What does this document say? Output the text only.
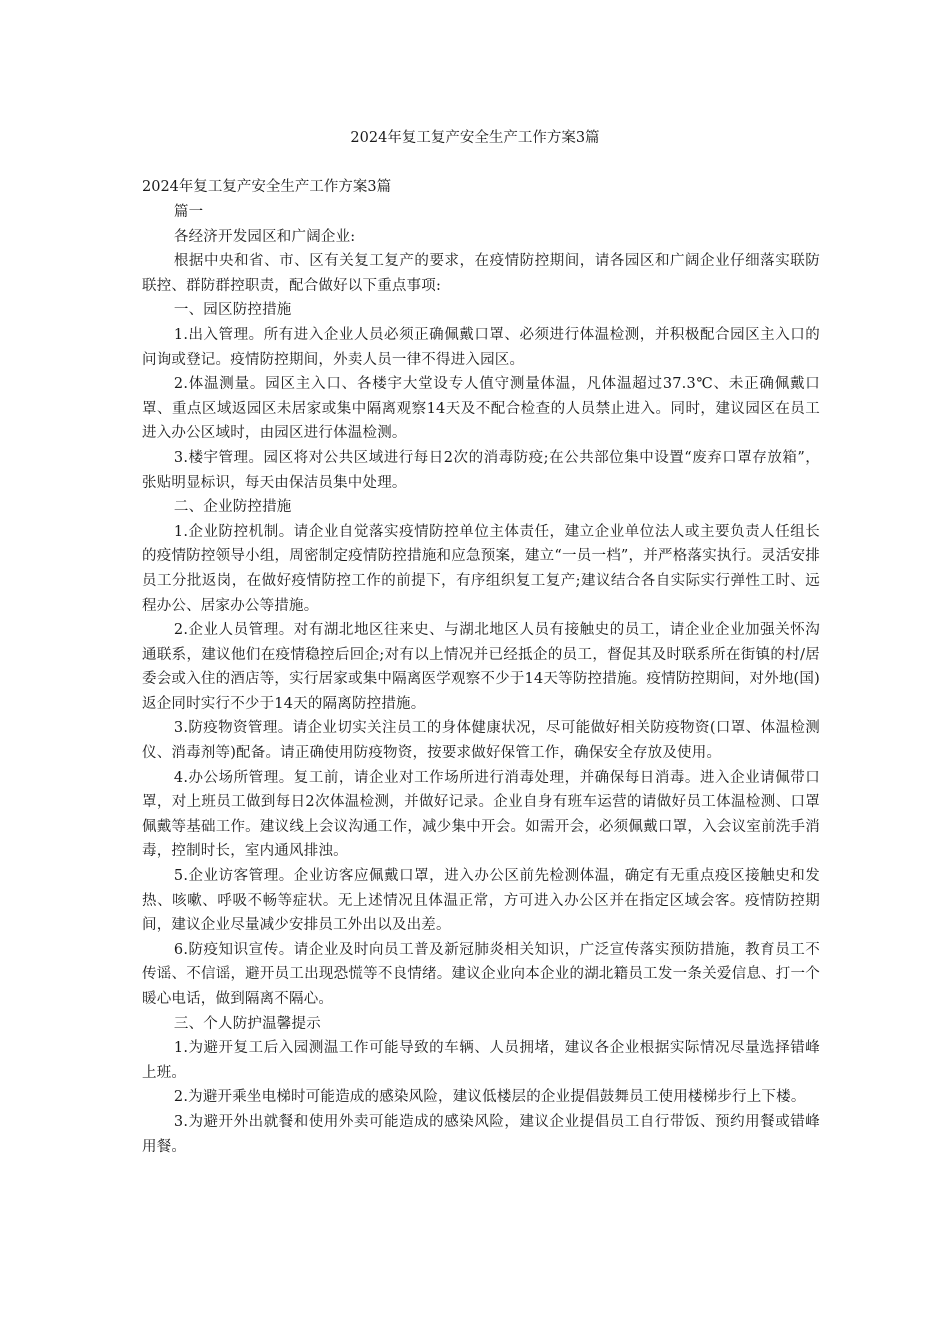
2024年复工复产安全生产工作方案3篇

2024年复工复产安全生产工作方案3篇

篇一

各经济开发园区和广阔企业:

根据中央和省、市、区有关复工复产的要求，在疫情防控期间，请各园区和广阔企业仔细落实联防联控、群防群控职责，配合做好以下重点事项:

一、园区防控措施

1.出入管理。所有进入企业人员必须正确佩戴口罩、必须进行体温检测，并积极配合园区主入口的问询或登记。疫情防控期间，外卖人员一律不得进入园区。

2.体温测量。园区主入口、各楼宇大堂设专人值守测量体温，凡体温超过37.3℃、未正确佩戴口罩、重点区域返园区未居家或集中隔离观察14天及不配合检查的人员禁止进入。同时，建议园区在员工进入办公区域时，由园区进行体温检测。

3.楼宇管理。园区将对公共区域进行每日2次的消毒防疫;在公共部位集中设置“废弃口罩存放箱”，张贴明显标识，每天由保洁员集中处理。

二、企业防控措施

1.企业防控机制。请企业自觉落实疫情防控单位主体责任，建立企业单位法人或主要负责人任组长的疫情防控领导小组，周密制定疫情防控措施和应急预案，建立“一员一档”，并严格落实执行。灵活安排员工分批返岗，在做好疫情防控工作的前提下，有序组织复工复产;建议结合各自实际实行弹性工时、远程办公、居家办公等措施。

2.企业人员管理。对有湖北地区往来史、与湖北地区人员有接触史的员工，请企业企业加强关怀沟通联系，建议他们在疫情稳控后回企;对有以上情况并已经抵企的员工，督促其及时联系所在街镇的村/居委会或入住的酒店等，实行居家或集中隔离医学观察不少于14天等防控措施。疫情防控期间，对外地(国)返企同时实行不少于14天的隔离防控措施。

3.防疫物资管理。请企业切实关注员工的身体健康状况，尽可能做好相关防疫物资(口罩、体温检测仪、消毒剂等)配备。请正确使用防疫物资，按要求做好保管工作，确保安全存放及使用。

4.办公场所管理。复工前，请企业对工作场所进行消毒处理，并确保每日消毒。进入企业请佩带口罩，对上班员工做到每日2次体温检测，并做好记录。企业自身有班车运营的请做好员工体温检测、口罩佩戴等基础工作。建议线上会议沟通工作，减少集中开会。如需开会，必须佩戴口罩，入会议室前洗手消毒，控制时长，室内通风排浊。

5.企业访客管理。企业访客应佩戴口罩，进入办公区前先检测体温，确定有无重点疫区接触史和发热、咳嗽、呼吸不畅等症状。无上述情况且体温正常，方可进入办公区并在指定区域会客。疫情防控期间，建议企业尽量减少安排员工外出以及出差。

6.防疫知识宣传。请企业及时向员工普及新冠肺炎相关知识，广泛宣传落实预防措施，教育员工不传谣、不信谣，避开员工出现恐慌等不良情绪。建议企业向本企业的湖北籍员工发一条关爱信息、打一个暖心电话，做到隔离不隔心。

三、个人防护温馨提示

1.为避开复工后入园测温工作可能导致的车辆、人员拥堵，建议各企业根据实际情况尽量选择错峰上班。

2.为避开乘坐电梯时可能造成的感染风险，建议低楼层的企业提倡鼓舞员工使用楼梯步行上下楼。

3.为避开外出就餐和使用外卖可能造成的感染风险，建议企业提倡员工自行带饭、预约用餐或错峰用餐。
